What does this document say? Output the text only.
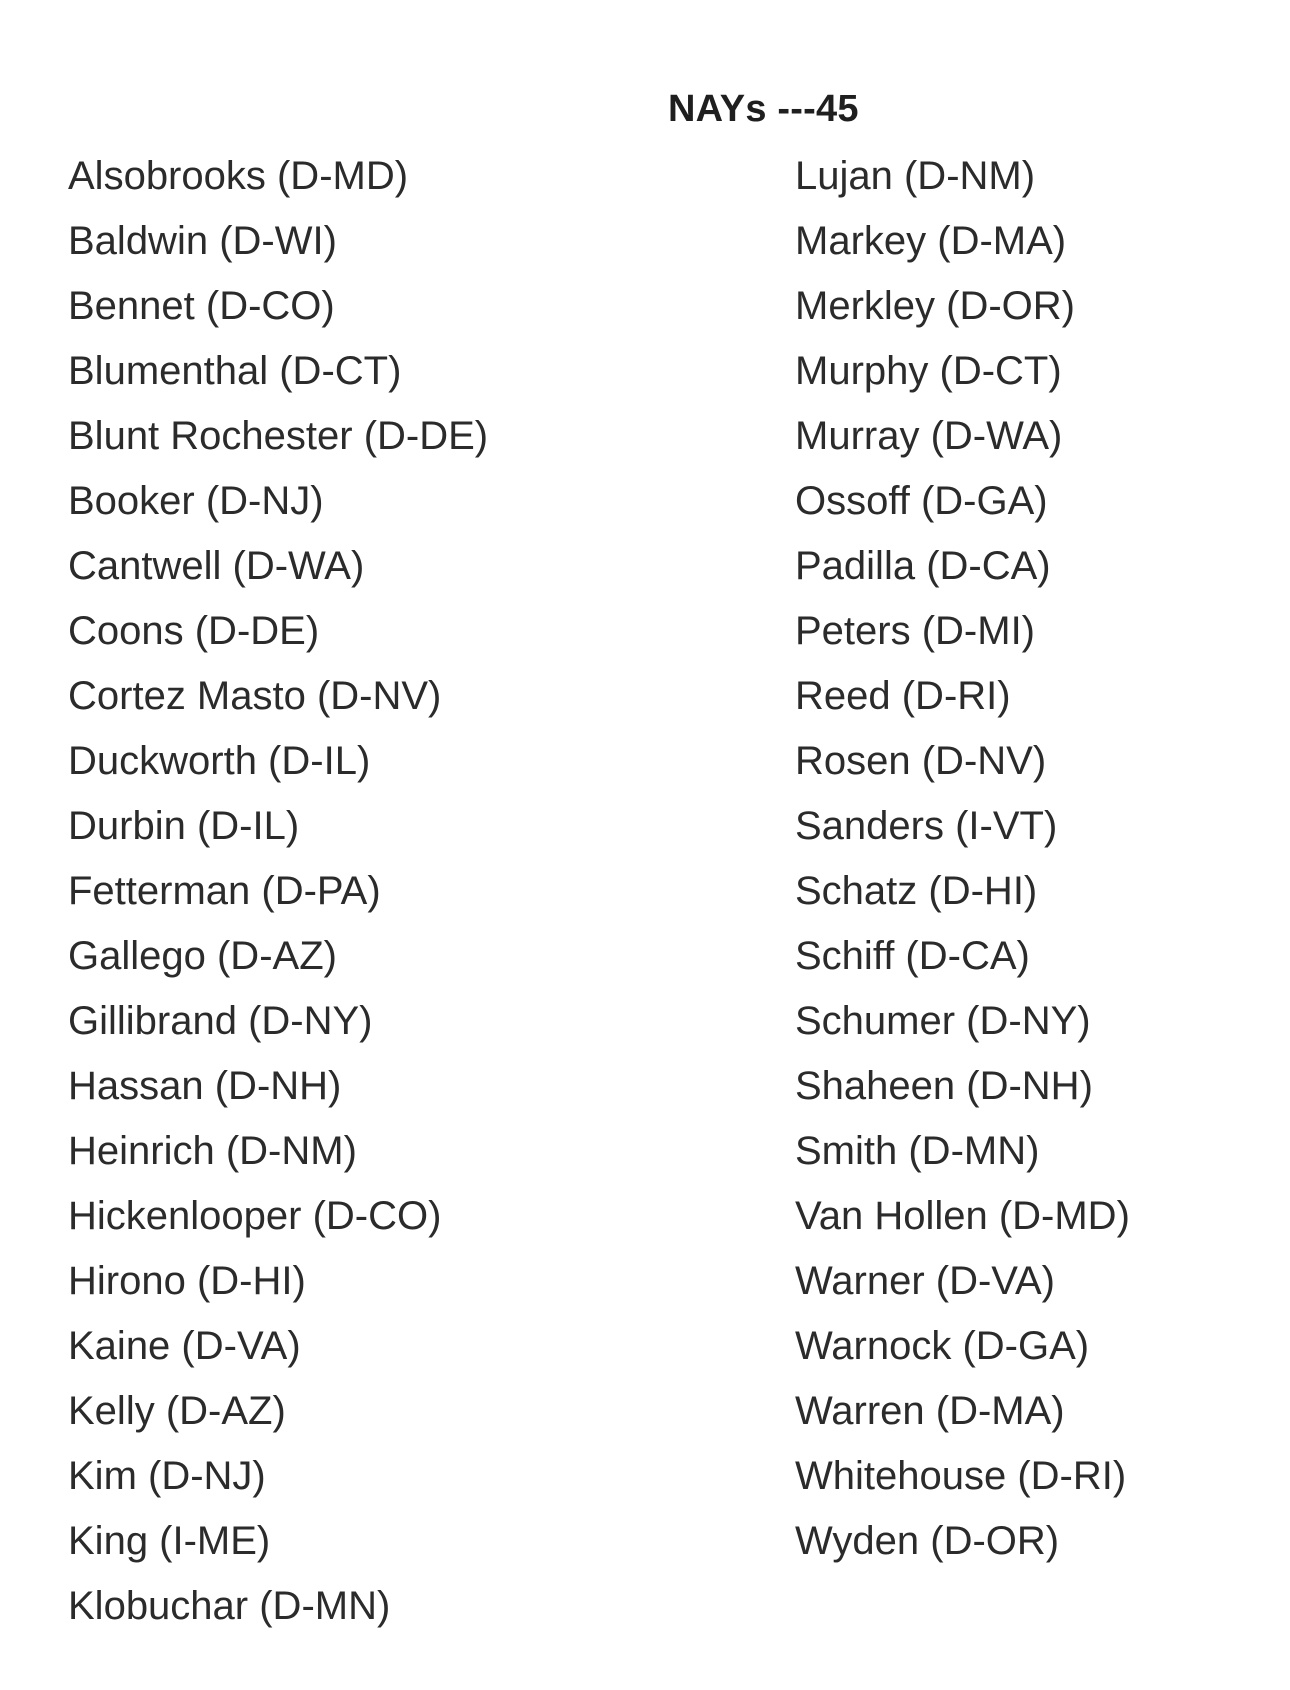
NAYs ---45
Alsobrooks (D-MD)
Baldwin (D-WI)
Bennet (D-CO)
Blumenthal (D-CT)
Blunt Rochester (D-DE)
Booker (D-NJ)
Cantwell (D-WA)
Coons (D-DE)
Cortez Masto (D-NV)
Duckworth (D-IL)
Durbin (D-IL)
Fetterman (D-PA)
Gallego (D-AZ)
Gillibrand (D-NY)
Hassan (D-NH)
Heinrich (D-NM)
Hickenlooper (D-CO)
Hirono (D-HI)
Kaine (D-VA)
Kelly (D-AZ)
Kim (D-NJ)
King (I-ME)
Klobuchar (D-MN)
Lujan (D-NM)
Markey (D-MA)
Merkley (D-OR)
Murphy (D-CT)
Murray (D-WA)
Ossoff (D-GA)
Padilla (D-CA)
Peters (D-MI)
Reed (D-RI)
Rosen (D-NV)
Sanders (I-VT)
Schatz (D-HI)
Schiff (D-CA)
Schumer (D-NY)
Shaheen (D-NH)
Smith (D-MN)
Van Hollen (D-MD)
Warner (D-VA)
Warnock (D-GA)
Warren (D-MA)
Whitehouse (D-RI)
Wyden (D-OR)
